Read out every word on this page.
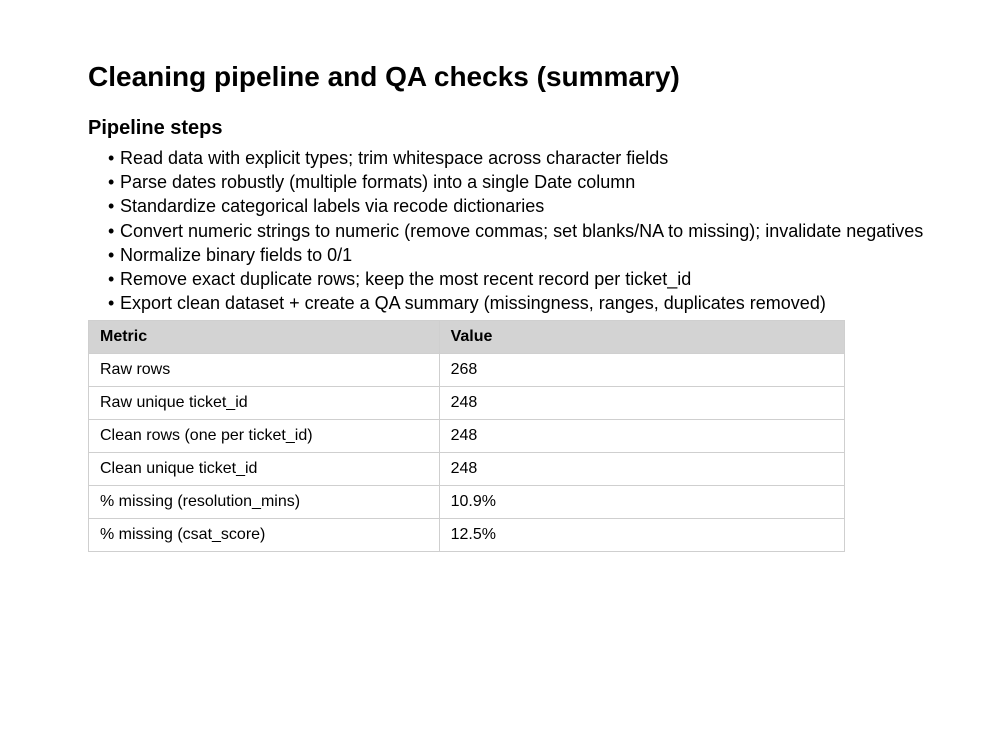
Cleaning pipeline and QA checks (summary)
Pipeline steps
• Read data with explicit types; trim whitespace across character fields
• Parse dates robustly (multiple formats) into a single Date column
• Standardize categorical labels via recode dictionaries
• Convert numeric strings to numeric (remove commas; set blanks/NA to missing); invalidate negatives
• Normalize binary fields to 0/1
• Remove exact duplicate rows; keep the most recent record per ticket_id
• Export clean dataset + create a QA summary (missingness, ranges, duplicates removed)
Metric	Value
Raw rows	268
Raw unique ticket_id	248
Clean rows (one per ticket_id)	248
Clean unique ticket_id	248
% missing (resolution_mins)	10.9%
% missing (csat_score)	12.5%
